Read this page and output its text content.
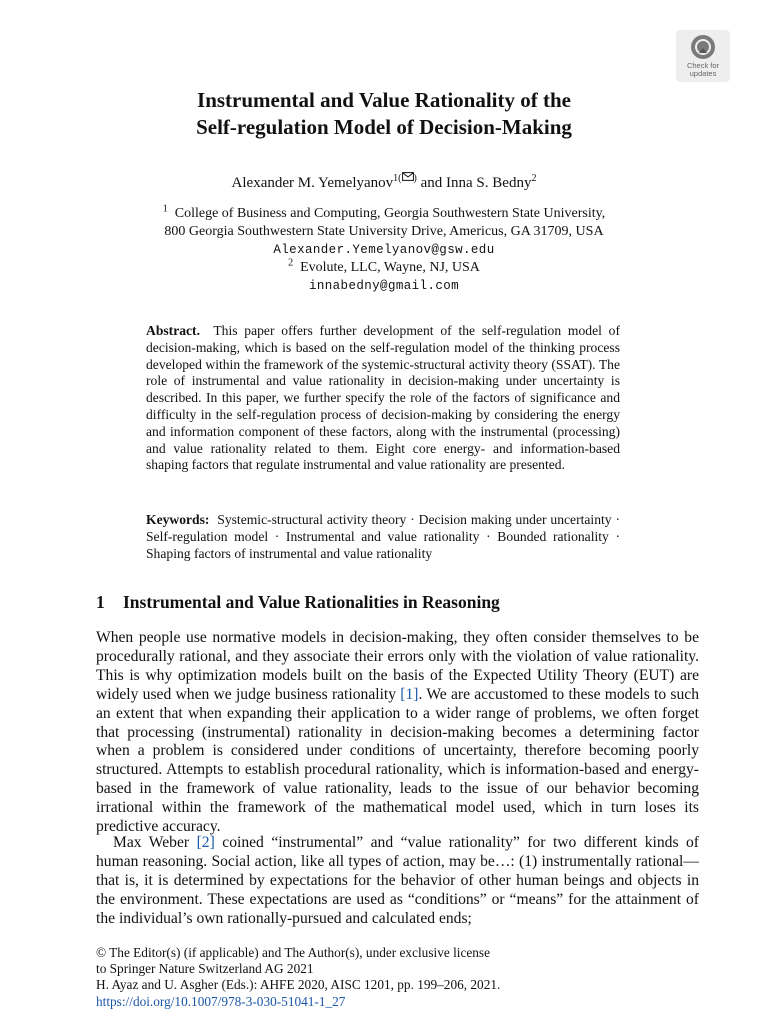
Check for
updates
Instrumental and Value Rationality of the
Self-regulation Model of Decision-Making
Alexander M. Yemelyanov$^{1( )}$ and Inna S. Bedny$^2$
$^1$ College of Business and Computing, Georgia Southwestern State University,
800 Georgia Southwestern State University Drive, Americus, GA 31709, USA
Alexander.Yemelyanov@gsw.edu
$^2$ Evolute, LLC, Wayne, NJ, USA
innabedny@gmail.com
Abstract. This paper offers further development of the self-regulation model of decision-making, which is based on the self-regulation model of the thinking process developed within the framework of the systemic-structural activity theory (SSAT). The role of instrumental and value rationality in decision-making under uncertainty is described. In this paper, we further specify the role of the factors of significance and difficulty in the self-regulation process of decision-making by considering the energy and information component of these factors, along with the instrumental (processing) and value rationality related to them. Eight core energy- and information-based shaping factors that regulate instrumental and value rationality are presented.
Keywords: Systemic-structural activity theory · Decision making under uncertainty · Self-regulation model · Instrumental and value rationality · Bounded rationality · Shaping factors of instrumental and value rationality
1 Instrumental and Value Rationalities in Reasoning
When people use normative models in decision-making, they often consider themselves to be procedurally rational, and they associate their errors only with the violation of value rationality. This is why optimization models built on the basis of the Expected Utility Theory (EUT) are widely used when we judge business rationality [1]. We are accustomed to these models to such an extent that when expanding their application to a wider range of problems, we often forget that processing (instrumental) rationality in decision-making becomes a determining factor when a problem is considered under conditions of uncertainty, therefore becoming poorly structured. Attempts to establish procedural rationality, which is information-based and energy-based in the framework of value rationality, leads to the issue of our behavior becoming irrational within the framework of the mathematical model used, which in turn loses its predictive accuracy.
Max Weber [2] coined “instrumental” and “value rationality” for two different kinds of human reasoning. Social action, like all types of action, may be…: (1) instrumentally rational—that is, it is determined by expectations for the behavior of other human beings and objects in the environment. These expectations are used as “conditions” or “means” for the attainment of the individual’s own rationally-pursued and calculated ends;
© The Editor(s) (if applicable) and The Author(s), under exclusive license
to Springer Nature Switzerland AG 2021
H. Ayaz and U. Asgher (Eds.): AHFE 2020, AISC 1201, pp. 199–206, 2021.
https://doi.org/10.1007/978-3-030-51041-1_27
